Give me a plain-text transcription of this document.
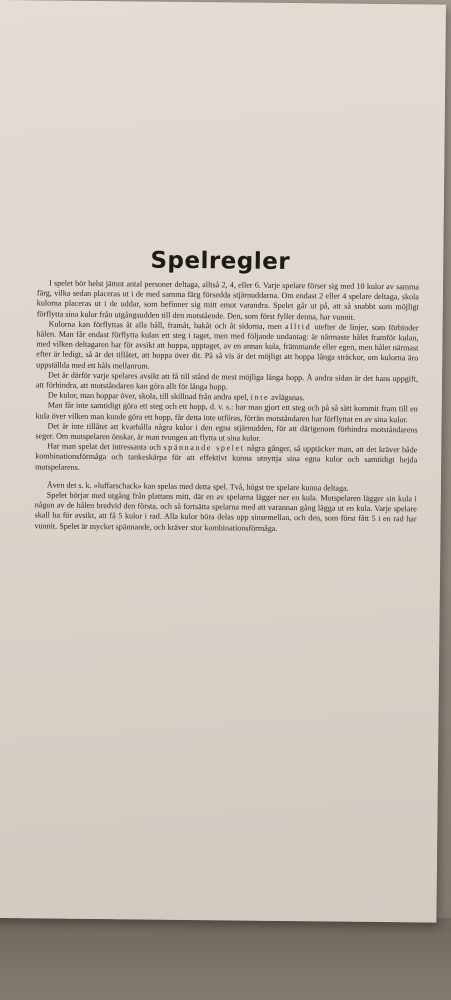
Spelregler

I spelet bör helst jämnt antal personer deltaga, alltså 2, 4, eller 6. Varje spelare förser sig med 10 kulor av samma färg, vilka sedan placeras ut i de med samma färg försedda stjärnuddarna. Om endast 2 eller 4 spelare deltaga, skola kulorna placeras ut i de uddar, som befinner sig mitt emot varandra. Spelet går ut på, att så snabbt som möjligt förflytta sina kulor från utgångsudden till den motstående. Den, som först fyller denna, har vunnit.

Kulorna kan förflyttas åt alla håll, framåt, bakåt och åt sidorna, men alltid utefter de linjer, som förbinder hålen. Man får endast förflytta kulan ett steg i taget, men med följande undantag: är närmaste hålet framför kulan, med vilken deltagaren har för avsikt att hoppa, upptaget, av en annan kula, främmande eller egen, men hålet närmast efter är ledigt, så är det tillåtet, att hoppa över dit. På så vis är det möjligt att hoppa långa sträckor, om kulorna äro uppställda med ett håls mellanrum.

Det är därför varje spelares avsikt att få till stånd de mest möjliga långa hopp. Å andra sidan är det hans uppgift, att förhindra, att motståndaren kan göra allt för långa hopp.

De kulor, man hoppar över, skola, till skillnad från andra spel, inte avlägsnas.

Man får inte samtidigt göra ett steg och ett hopp, d. v. s.: har man gjort ett steg och på så sätt kommit fram till en kula över vilken man kunde göra ett hopp, får detta inte utföras, förrän motståndaren har förflyttat en av sina kulor.

Det är inte tillåtet att kvarhålla några kulor i den egna stjärnudden, för att därigenom förhindra motståndarens seger. Om motspelaren önskar, är man tvungen att flytta ut sina kulor.

Har man spelat det intressanta och spännande spelet några gånger, så upptäcker man, att det kräver både kombinationsförmåga och tankeskärpa för att effektivt kunna utnyttja sina egna kulor och samtidigt hejda motspelarens.

Även det s. k. »luffarschack» kan spelas med detta spel. Två, högst tre spelare kunna deltaga.

Spelet börjar med utgång från plattans mitt, där en av spelarna lägger ner en kula. Motspelaren lägger sin kula i någon av de hålen bredvid den första, och så fortsätta spelarna med att varannan gång lägga ut en kula. Varje spelare skall ha för avsikt, att få 5 kulor i rad. Alla kulor böra delas upp sinsemellan, och den, som först fått 5 i en rad har vunnit. Spelet är mycket spännande, och kräver stor kombinationsförmåga.
